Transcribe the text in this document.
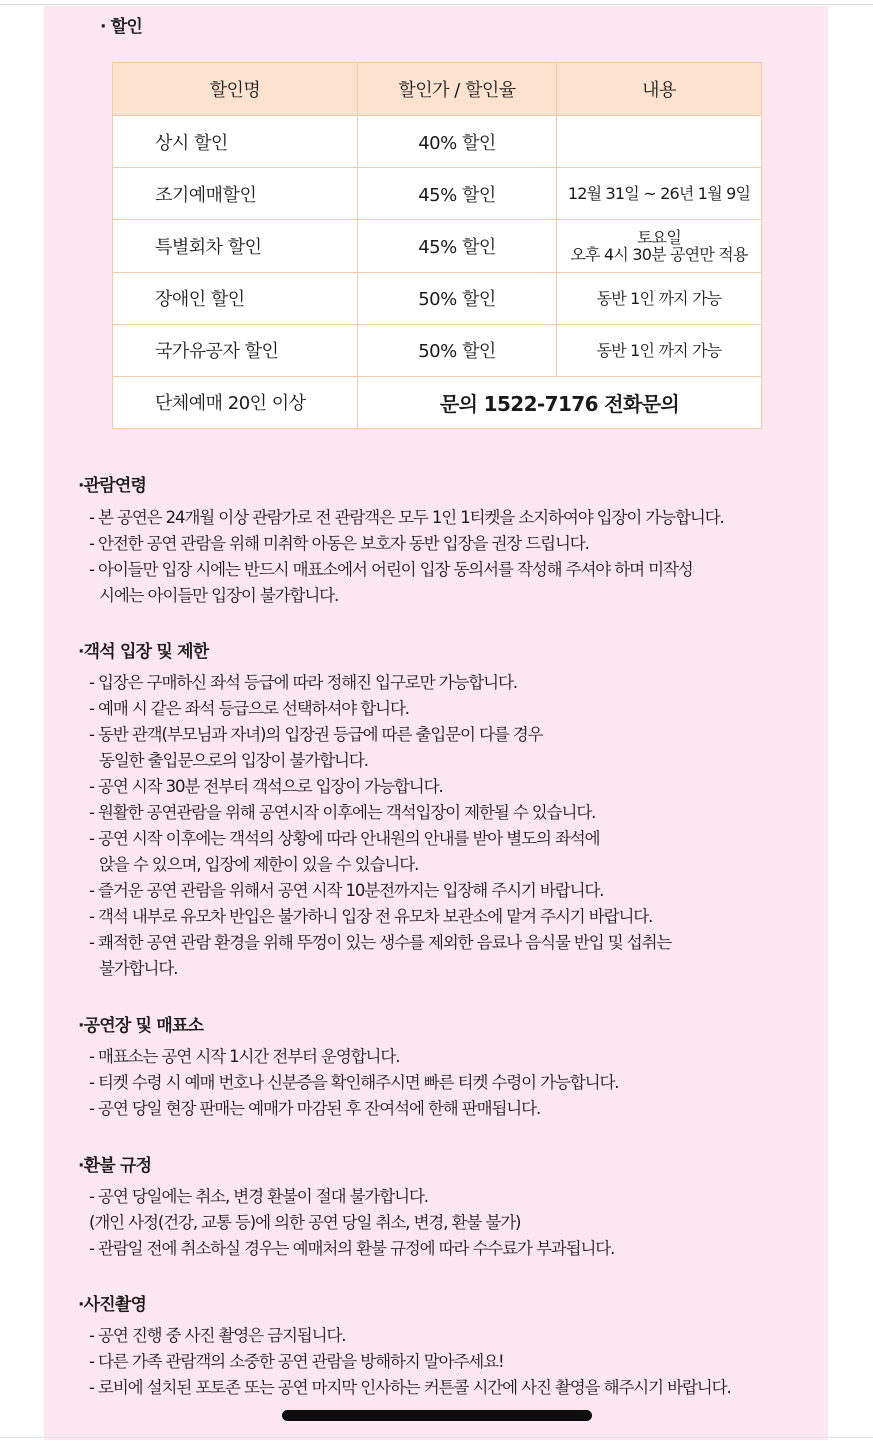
· 할인
할인명	할인가 / 할인율	내용
상시 할인	40% 할인	
조기예매할인	45% 할인	12월 31일 ~ 26년 1월 9일
특별회차 할인	45% 할인	토요일
오후 4시 30분 공연만 적용

장애인 할인	50% 할인	동반 1인 까지 가능
국가유공자 할인	50% 할인	동반 1인 까지 가능
단체예매 20인 이상	문의 1522-7176 전화문의	
·관람연령
- 본 공연은 24개월 이상 관람가로 전 관람객은 모두 1인 1티켓을 소지하여야 입장이 가능합니다.
- 안전한 공연 관람을 위해 미취학 아동은 보호자 동반 입장을 권장 드립니다.
- 아이들만 입장 시에는 반드시 매표소에서 어린이 입장 동의서를 작성해 주셔야 하며 미작성
시에는 아이들만 입장이 불가합니다.
·객석 입장 및 제한
- 입장은 구매하신 좌석 등급에 따라 정해진 입구로만 가능합니다.
- 예매 시 같은 좌석 등급으로 선택하셔야 합니다.
- 동반 관객(부모님과 자녀)의 입장권 등급에 따른 출입문이 다를 경우
동일한 출입문으로의 입장이 불가합니다.
- 공연 시작 30분 전부터 객석으로 입장이 가능합니다.
- 원활한 공연관람을 위해 공연시작 이후에는 객석입장이 제한될 수 있습니다.
- 공연 시작 이후에는 객석의 상황에 따라 안내원의 안내를 받아 별도의 좌석에
앉을 수 있으며, 입장에 제한이 있을 수 있습니다.
- 즐거운 공연 관람을 위해서 공연 시작 10분전까지는 입장해 주시기 바랍니다.
- 객석 내부로 유모차 반입은 불가하니 입장 전 유모차 보관소에 맡겨 주시기 바랍니다.
- 쾌적한 공연 관람 환경을 위해 뚜껑이 있는 생수를 제외한 음료나 음식물 반입 및 섭취는
불가합니다.
·공연장 및 매표소
- 매표소는 공연 시작 1시간 전부터 운영합니다.
- 티켓 수령 시 예매 번호나 신분증을 확인해주시면 빠른 티켓 수령이 가능합니다.
- 공연 당일 현장 판매는 예매가 마감된 후 잔여석에 한해 판매됩니다.
·환불 규정
- 공연 당일에는 취소, 변경 환불이 절대 불가합니다.
(개인 사정(건강, 교통 등)에 의한 공연 당일 취소, 변경, 환불 불가)
- 관람일 전에 취소하실 경우는 예매처의 환불 규정에 따라 수수료가 부과됩니다.
·사진촬영
- 공연 진행 중 사진 촬영은 금지됩니다.
- 다른 가족 관람객의 소중한 공연 관람을 방해하지 말아주세요!
- 로비에 설치된 포토존 또는 공연 마지막 인사하는 커튼콜 시간에 사진 촬영을 해주시기 바랍니다.
